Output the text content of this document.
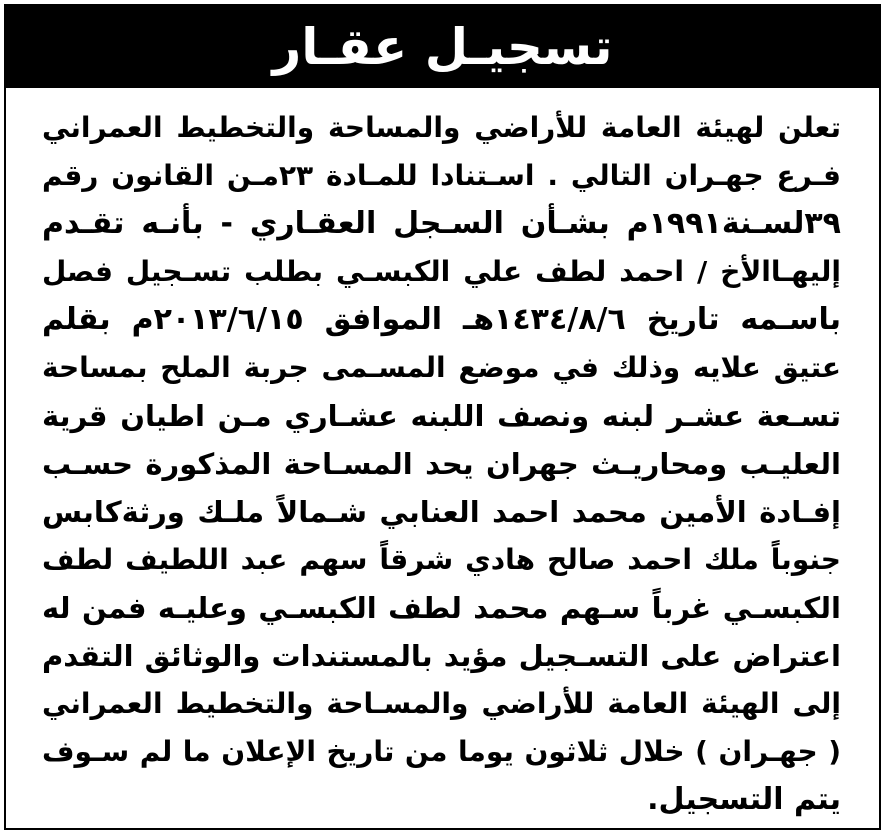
تسجيـل عقـار
تعلن لهيئة العامة للأراضي والمساحة والتخطيط العمراني
فـرع جهـران التالي . اسـتنادا للمـادة ٢٣مـن القانون رقم
٣٩لسـنة١٩٩١م بشـأن السـجل العقـاري - بأنـه تقـدم
إليهـاالأخ / احمد لطف علي الكبسـي بطلب تسـجيل فصل
باسـمه تاريخ ١٤٣٤/٨/٦هـ الموافق ٢٠١٣/٦/١٥م بقلم
عتيق علايه وذلك في موضع المسـمى جربة الملح بمساحة
تسـعة عشـر لبنه ونصف اللبنه عشـاري مـن اطيان قرية
العليـب ومحاريـث جهران يحد المسـاحة المذكورة حسـب
إفـادة الأمين محمد احمد العنابي شـمالاً ملـك ورثةكابس
جنوباً ملك احمد صالح هادي شرقاً سهم عبد اللطيف لطف
الكبسـي غرباً سـهم محمد لطف الكبسـي وعليـه فمن له
اعتراض على التسـجيل مؤيد بالمستندات والوثائق التقدم
إلى الهيئة العامة للأراضي والمسـاحة والتخطيط العمراني
( جهـران ) خلال ثلاثون يوما من تاريخ الإعلان ما لم سـوف
يتم التسجيل.
